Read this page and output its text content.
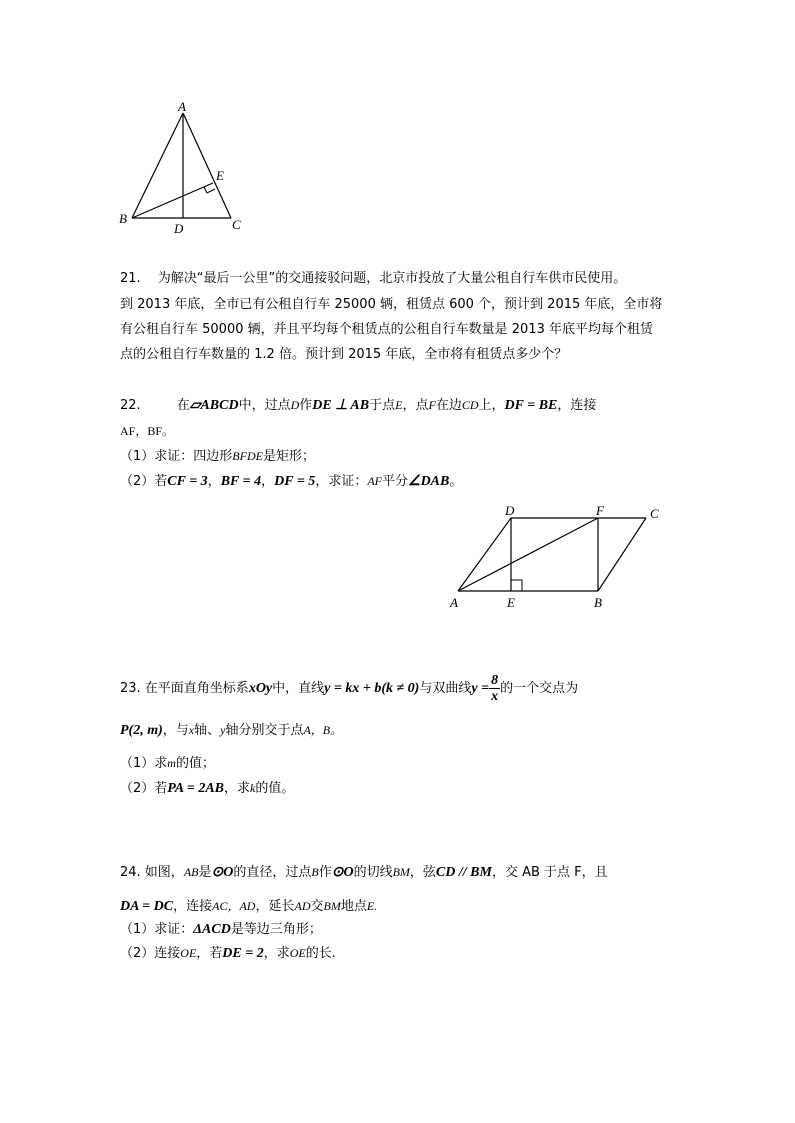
A
B	C
D
E
21.　 为解决“最后一公里”的交通接驳问题，北京市投放了大量公租自行车供市民使用。
到 2013 年底，全市已有公租自行车 25000 辆，租赁点 600 个，预计到 2015 年底，全市将
有公租自行车 50000 辆，并且平均每个租赁点的公租自行车数量是 2013 年底平均每个租赁
点的公租自行车数量的 1.2 倍。预计到 2015 年底，全市将有租赁点多少个？
22.	在▱ABCD中，过点D作DE ⊥ AB于点E，点F在边CD上，DF = BE，连接
AF，BF。
（1）求证：四边形BFDE是矩形；
（2）若CF = 3，BF = 4，DF = 5，求证：AF平分∠DAB。
D	F	C
A	E	B
23. 在平面直角坐标系xOy中，直线y = kx + b(k ≠ 0)与双曲线$y = \frac{8}{x}$ 的一个交点为
P(2, m)，与x轴、y轴分别交于点A，B。
（1）求m的值；
（2）若PA = 2AB，求k的值。
24. 如图，AB是⊙O的直径，过点B作⊙O的切线BM，弦CD // BM，交 AB 于点 F，且
DA = DC，连接AC，AD，延长AD交BM地点E.
（1）求证：ΔACD是等边三角形；
（2）连接OE，若DE = 2，求OE的长.
